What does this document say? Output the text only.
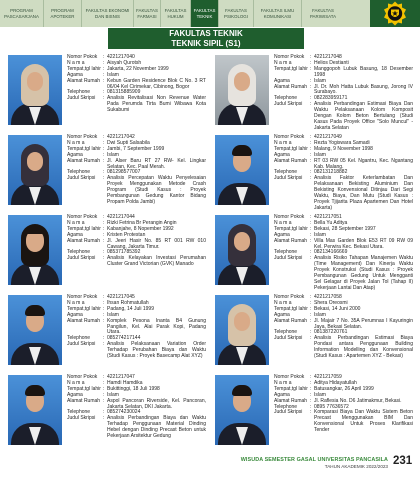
PROGRAM
PASCASARJANA
PROGRAM
APOTEKER
FAKULTAS EKONOMI
DAN BISNIS
FAKULTAS
FARMASI
FAKULTAS
HUKUM
FAKULTAS
TEKNIK
FAKULTAS
PSIKOLOGI
FAKULTAS ILMU
KOMUNIKASI
FAKULTAS
PARIWISATA
FAKULTAS TEKNIK
TEKNIK SIPIL (S1)
Nomor Pokok	: 4221217040
N a m a	: Aisyah Qurotsh
Tempat,tgl lahir : Jakarta, 22 November 1999
Agama	: Islam
Alamat Rumah : Kebun Garden Residence Blok C No. 3 RT 06/04 Kel Cirimekar, Cibinong, Bogor
Telephone	: 081315885909
Judul Skripsi	: Analisis Revitalisasi Non Revenue Water Pada Perumda Tirta Bumi Wibawa Kota Sukabumi
Nomor Pokok	: 4221217042
N a m a	: Dwi Supti Salsabila
Tempat,tgl lahir : Jambi, 7 September 1999
Agama	: Islam
Alamat Rumah : Jl. Alser Baru RT 27 RW- Kel. Lingkar Selatan, Kec. Paal Merah.
Telephone	: 081298577007
Judul Skripsi	: Analisis Percepatan Waktu Penyelesaian Proyek Menggunakan Metode Crash Program (Studi Kasus : Proyek Pembangunan Gedung Kantor Bidang Propam Polda Jambi)
Nomor Pokok	: 4221217044
N a m a	: Rizki Fetrina Br Perangin Angin
Tempat,tgl lahir : Kabanjahe, 8 Nopember 1992
Agama	: Kristen Protestan
Alamat Rumah : Jl. Jeeri Hasir No. 85 RT 001 RW 010 Cawang, Jakarta Timur.
Telephone	: 085371785392
Judul Skripsi	: Analisis Kelayakan Investasi Perumahan Cluster Grand Victorian (GVK) Manado
Nomor Pokok	: 4221217045
N a m a	: Ihsan Rohmatullah
Tempat,tgl lahir : Padang, 14 Juli 1999
Agama	: Islam
Alamat Rumah : Komplek Pesona Inanta B4 Gunung Pangilun, Kel. Alai Parak Kopi, Padang Utara.
Telephone	: 085274217144
Judul Skripsi	: Analisis Pelaksanaan Variation Order Terhadap Perubahan Biaya dan Waktu (Studi Kasus : Proyek Basecamp Alat XYZ)
Nomor Pokok	: 4221217047
N a m a	: Hamdi Hamdika
Tempat,tgl lahir : Bukittinggi, 18 Juli 1998
Agama	: Islam
Alamat Rumah : Aspol Pancoran Riverside, Kel. Pancoran, Jakarta Selatan, DKI Jakarta.
Telephone	: 085274230024
Judul Skripsi	: Analisis Perbandingan Biaya dan Waktu Terhadap Penggunaan Material Dinding Hebel dengan Dinding Precast Beton untuk Pekerjaan Arsitektur Gedung
Nomor Pokok	: 4221217048
N a m a	: Helios Destianti
Tempat,tgl lahir : Manggopoh Lubuk Basung, 18 Desember 1998
Agama	: Islam
Alamat Rumah : Jl. Dr. Moh Hatta Lubuk Basung, Jorong IV Surabayo.
Telephone	: 082283959171
Judul Skripsi	: Analisis Perbandingan Estimasi Biaya Dan Waktu Pelaksanaan Kolom Komposit Dengan Kolom Beton Bertulang (Studi Kasus Pada Proyek Office "Solo Muncul" - Jakarta Selatan
Nomor Pokok	: 4221217049
N a m a	: Rezta Yogiswara Samadi
Tempat,tgl lahir : Malang, 9 November 1998
Agama	: Islam
Alamat Rumah : RT 03 RW 05 Kel. Ngantru, Kec. Ngantang Kab. Malang.
Telephone	: 082131218882
Judul Skripsi	: Analisis Faktor Keterlambatan Dan Pelaksanaan Bekisting Aluminium Dan Bekisting Konvensional Ditinjau Dari Segi Waktu, Biaya, Dan Mutu (Studi Kasus : Proyek Tjijarita Plaza Apartemen Dan Hotel Jakarta)
Nomor Pokok	: 4221217051
N a m a	: Bella Yu Aditya
Tempat,tgl lahir : Bekasi, 28 September 1997
Agama	: Islam
Alamat Rumah : Villa Mas Garden Blok E53 RT 09 RW 09 Kel. Perwira Kec. Bekasi Utara.
Telephone	: 082134166669
Judul Skripsi	: Analisis Risiko Tahapan Manajemen Waktu (Time Management) Dan Kinerja Waktu Proyek Konstruksi (Studi Kasus : Proyek Pembangunan Gedung Untuk Mengganti Sel Gelagar di Proyek Jalan Tol (Tahap II) Pekerjaan Lantai Dan Atap)
Nomor Pokok	: 4221217058
N a m a	: Shera Oreosmi
Tempat,tgl lahir : Bekasi, 14 Juni 2000
Agama	: Islam
Alamat Rumah : Jl. Majair 7 No. 35A Perumnas I Kayuringin Jaya, Bekasi Selatan.
Telephone	: 081387220761
Judul Skripsi	: Analisis Perbandingan Estimasi Biaya Pondasi antara Penggunaan Building Information Modelling dan Konvensional (Studi Kasus : Apartemen XYZ - Bekasi)
Nomor Pokok	: 4221217059
N a m a	: Aditya Hidayatullah
Tempat,tgl lahir : Batusangkar, 26 April 1999
Agama	: Islam
Alamat Rumah : Jl. Raflesia No. D6 Jatimakmur, Bekasi.
Telephone	: 0895 77636572
Judul Skripsi	: Komparasi Biaya Dan Waktu Sistem Beton Precast Menggunakan BIM Dan Konvensional Untuk Proses Klarifikasi Tender
WISUDA SEMESTER GASAL UNIVERSITAS PANCASILA
TAHUN AKADEMIK 2022/2023 231
